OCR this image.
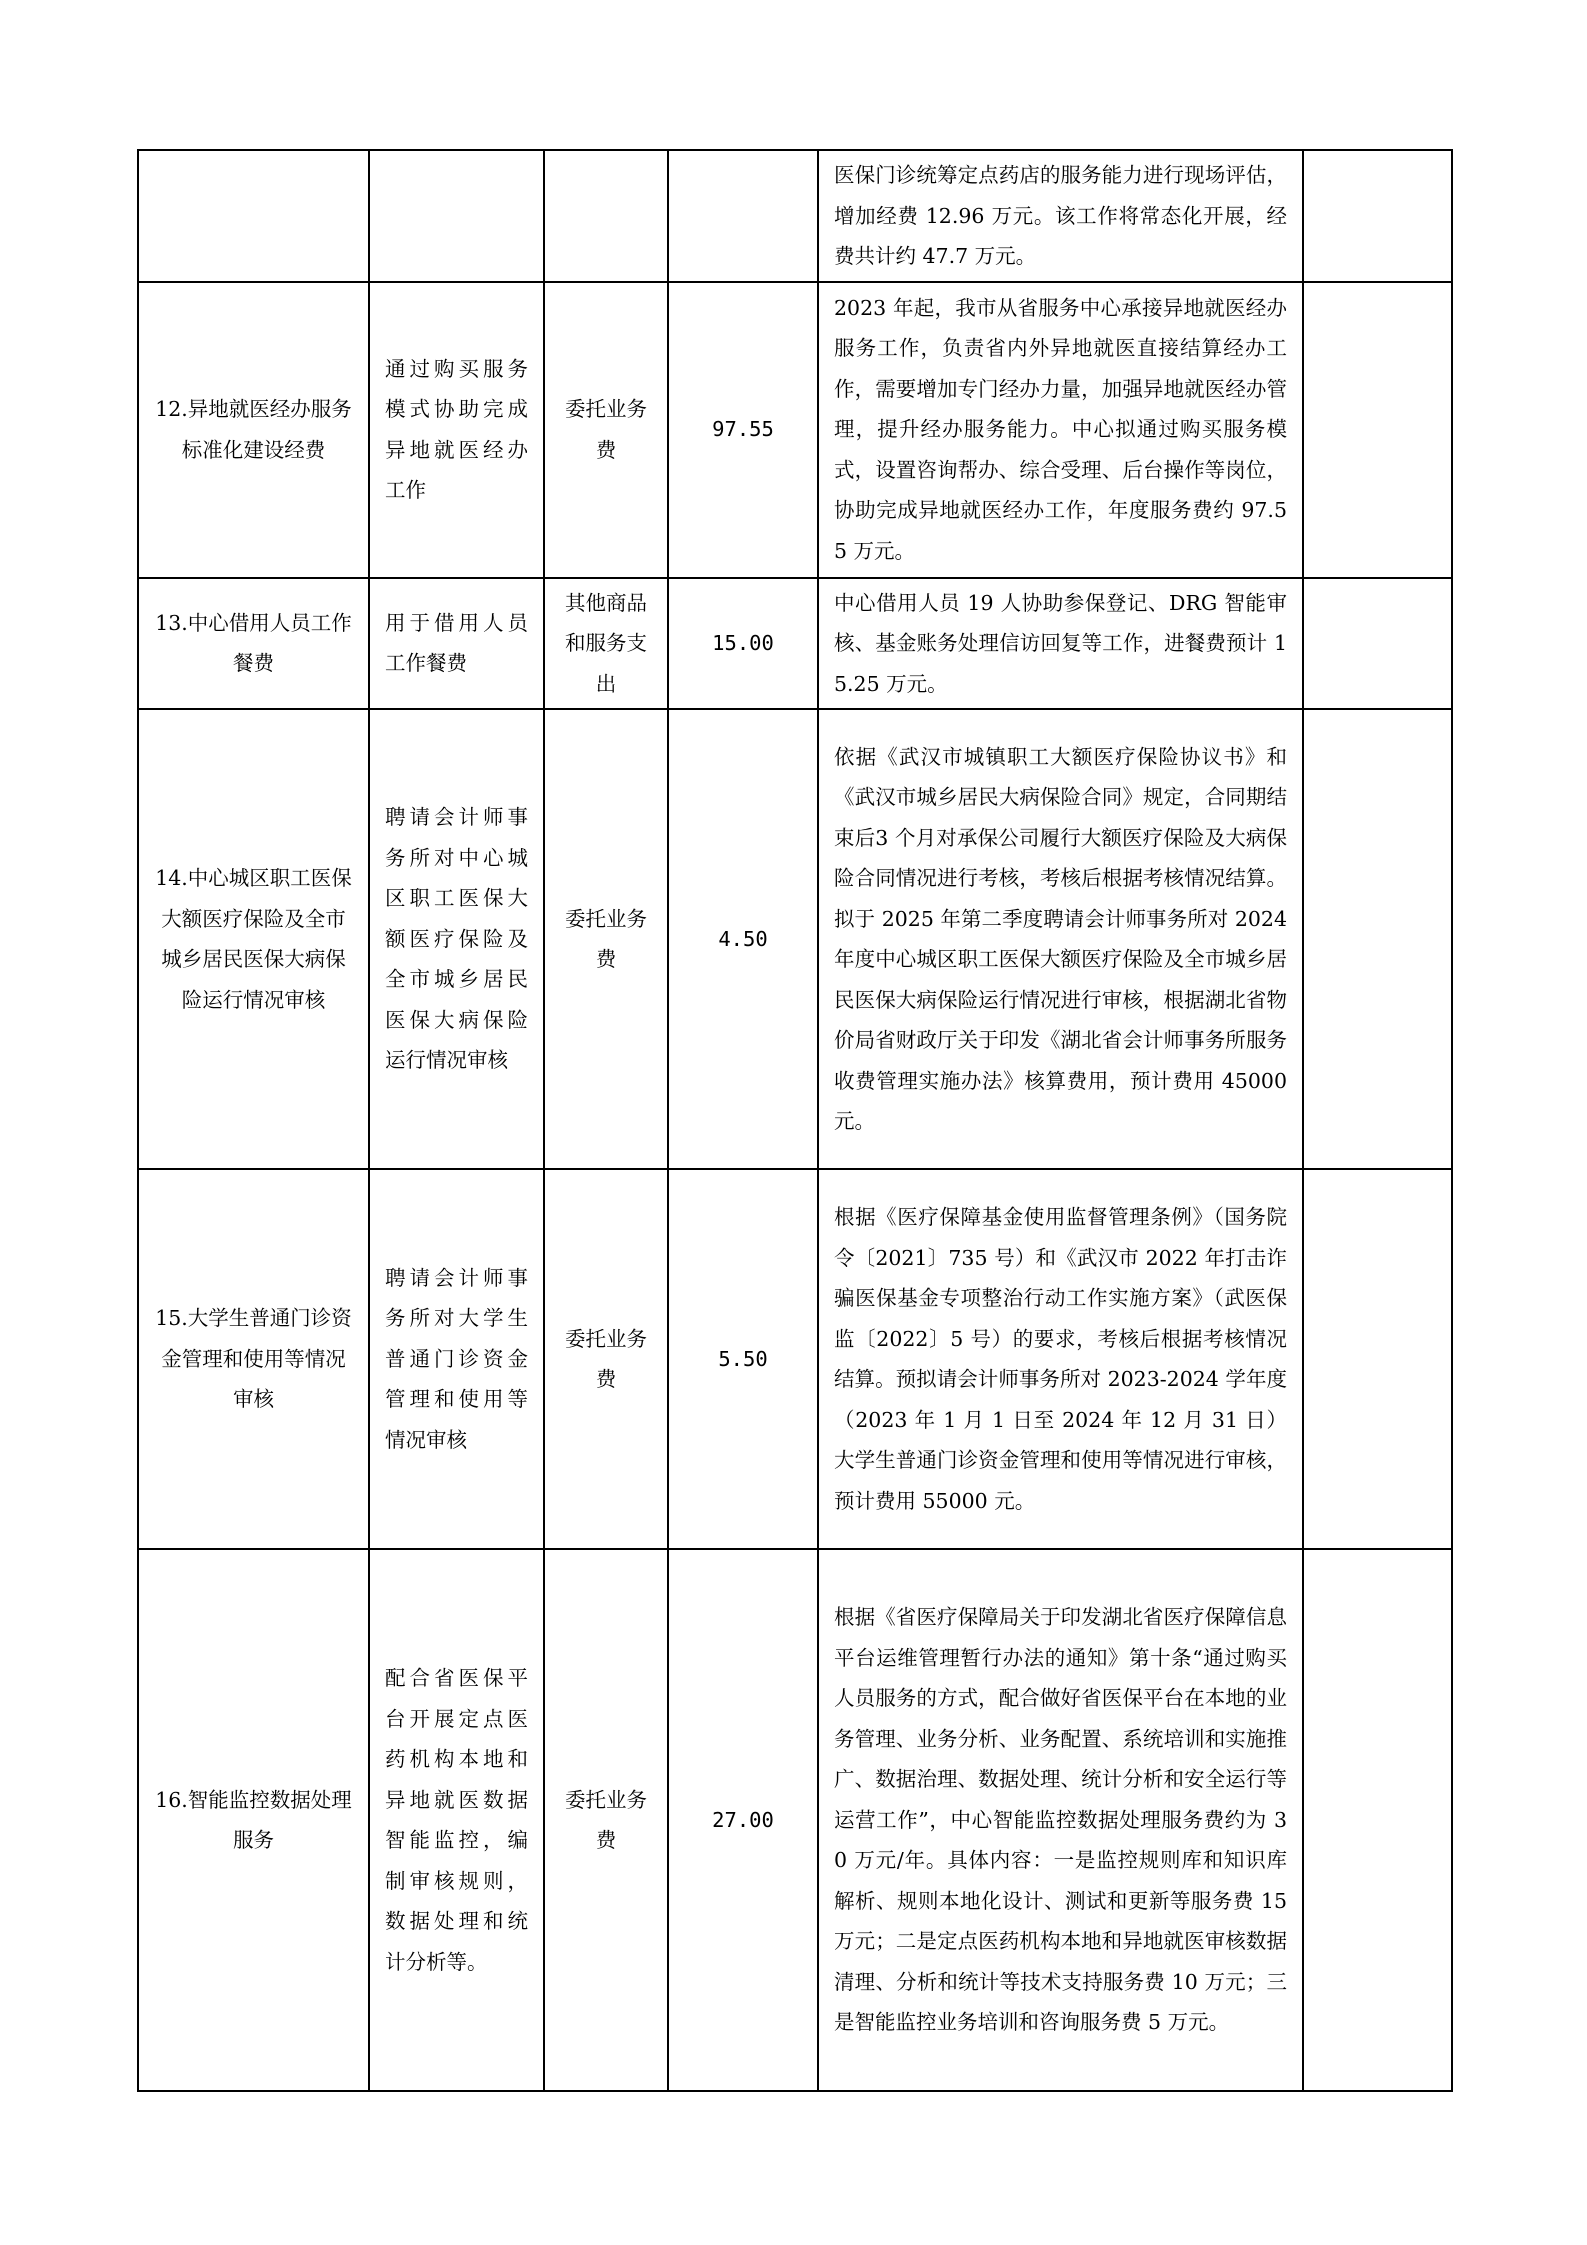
				医保门诊统筹定点药店的服务能力进行现场评估，增加经费 12.96 万元。该工作将常态化开展，经费共计约 47.7 万元。	
12.异地就医经办服务标准化建设经费	通过购买服务模式协助完成异地就医经办工作	委托业务费	97.55	2023 年起，我市从省服务中心承接异地就医经办服务工作，负责省内外异地就医直接结算经办工作，需要增加专门经办力量，加强异地就医经办管理，提升经办服务能力。中心拟通过购买服务模式，设置咨询帮办、综合受理、后台操作等岗位，协助完成异地就医经办工作，年度服务费约 97.55 万元。	
13.中心借用人员工作餐费	用于借用人员工作餐费	其他商品和服务支出	15.00	中心借用人员 19 人协助参保登记、DRG 智能审核、基金账务处理信访回复等工作，进餐费预计 15.25 万元。	
14.中心城区职工医保大额医疗保险及全市城乡居民医保大病保险运行情况审核	聘请会计师事务所对中心城区职工医保大额医疗保险及全市城乡居民医保大病保险运行情况审核	委托业务费	4.50	依据《武汉市城镇职工大额医疗保险协议书》和《武汉市城乡居民大病保险合同》规定，合同期结束后3 个月对承保公司履行大额医疗保险及大病保险合同情况进行考核，考核后根据考核情况结算。拟于 2025 年第二季度聘请会计师事务所对 2024 年度中心城区职工医保大额医疗保险及全市城乡居民医保大病保险运行情况进行审核，根据湖北省物价局省财政厅关于印发《湖北省会计师事务所服务收费管理实施办法》核算费用，预计费用 45000 元。	
15.大学生普通门诊资金管理和使用等情况审核	聘请会计师事务所对大学生普通门诊资金管理和使用等情况审核	委托业务费	5.50	根据《医疗保障基金使用监督管理条例》（国务院令〔2021〕735 号）和《武汉市 2022 年打击诈骗医保基金专项整治行动工作实施方案》（武医保监〔2022〕5 号）的要求，考核后根据考核情况结算。预拟请会计师事务所对 2023-2024 学年度（2023 年 1 月 1 日至 2024 年 12 月 31 日）大学生普通门诊资金管理和使用等情况进行审核，预计费用 55000 元。	
16.智能监控数据处理服务	配合省医保平台开展定点医药机构本地和异地就医数据智能监控，编制审核规则，数据处理和统计分析等。	委托业务费	27.00	根据《省医疗保障局关于印发湖北省医疗保障信息平台运维管理暂行办法的通知》第十条“通过购买人员服务的方式，配合做好省医保平台在本地的业务管理、业务分析、业务配置、系统培训和实施推广、数据治理、数据处理、统计分析和安全运行等运营工作”，中心智能监控数据处理服务费约为 30 万元/年。具体内容：一是监控规则库和知识库解析、规则本地化设计、测试和更新等服务费 15 万元；二是定点医药机构本地和异地就医审核数据清理、分析和统计等技术支持服务费 10 万元；三是智能监控业务培训和咨询服务费 5 万元。	
